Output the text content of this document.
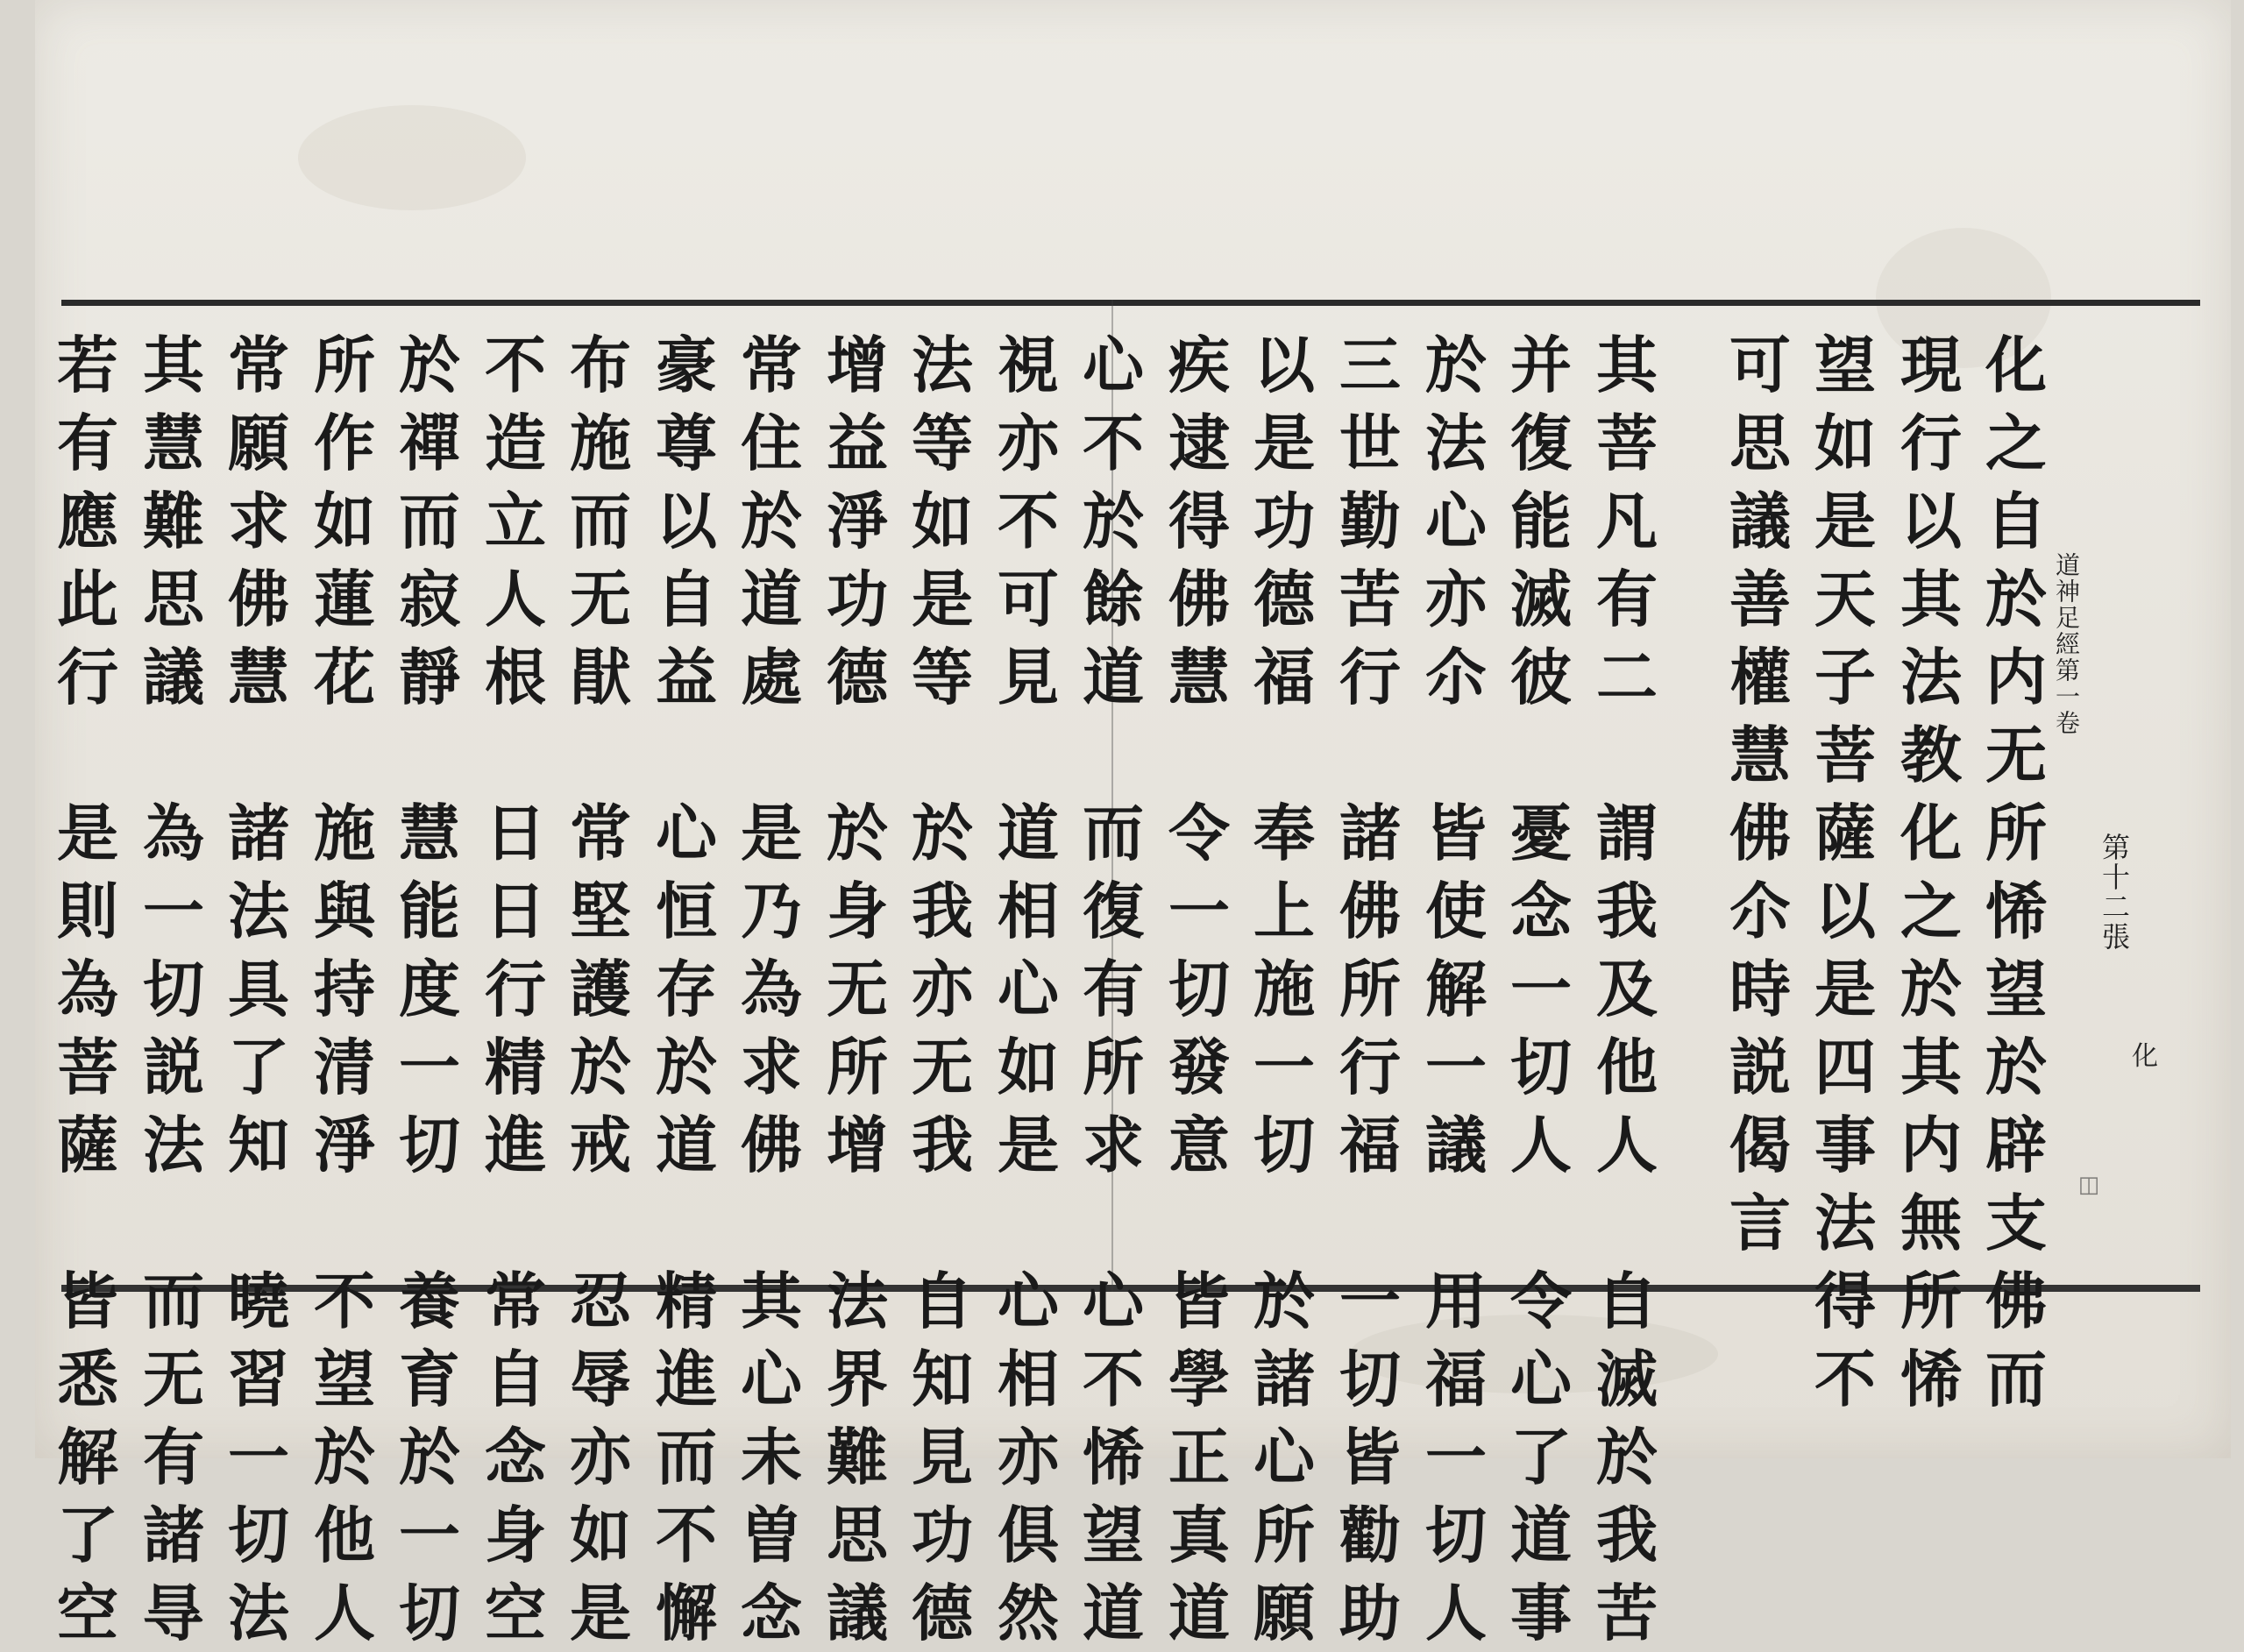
道神足經第一卷
第十二張
化
◫
化
之
自
於
内
无
所
悕
望
於
辟
支
佛
而
現
行
以
其
法
教
化
之
於
其
内
無
所
悕
望
如
是
天
子
菩
薩
以
是
四
事
法
得
不
可
思
議
善
權
慧
佛
尒
時
説
偈
言
其
菩
凡
有
二

謂
我
及
他
人

自
滅
於
我
苦
并
復
能
滅
彼

憂
念
一
切
人

令
心
了
道
事
於
法
心
亦
尒

皆
使
解
一
議

用
福
一
切
人
三
世
勤
苦
行

諸
佛
所
行
福

一
切
皆
勸
助
以
是
功
德
福

奉
上
施
一
切

於
諸
心
所
願
疾
逮
得
佛
慧

令
一
切
發
意

皆
學
正
真
道
心
不
於
餘
道

而
復
有
所
求

心
不
悕
望
道
視
亦
不
可
見

道
相
心
如
是

心
相
亦
俱
然
法
等
如
是
等

於
我
亦
无
我

自
知
見
功
德
增
益
淨
功
德

於
身
无
所
增

法
界
難
思
議
常
住
於
道
處

是
乃
為
求
佛

其
心
未
曽
念
豪
尊
以
自
益

心
恒
存
於
道

精
進
而
不
懈
布
施
而
无
猒

常
堅
護
於
戒

忍
辱
亦
如
是
不
造
立
人
根

日
日
行
精
進

常
自
念
身
空
於
禪
而
寂
靜

慧
能
度
一
切

養
育
於
一
切
所
作
如
蓮
花

施
與
持
清
淨

不
望
於
他
人
常
願
求
佛
慧

諸
法
具
了
知

曉
習
一
切
法
其
慧
難
思
議

為
一
切
説
法

而
无
有
諸
㝵
若
有
應
此
行

是
則
為
菩
薩

皆
悉
解
了
空
